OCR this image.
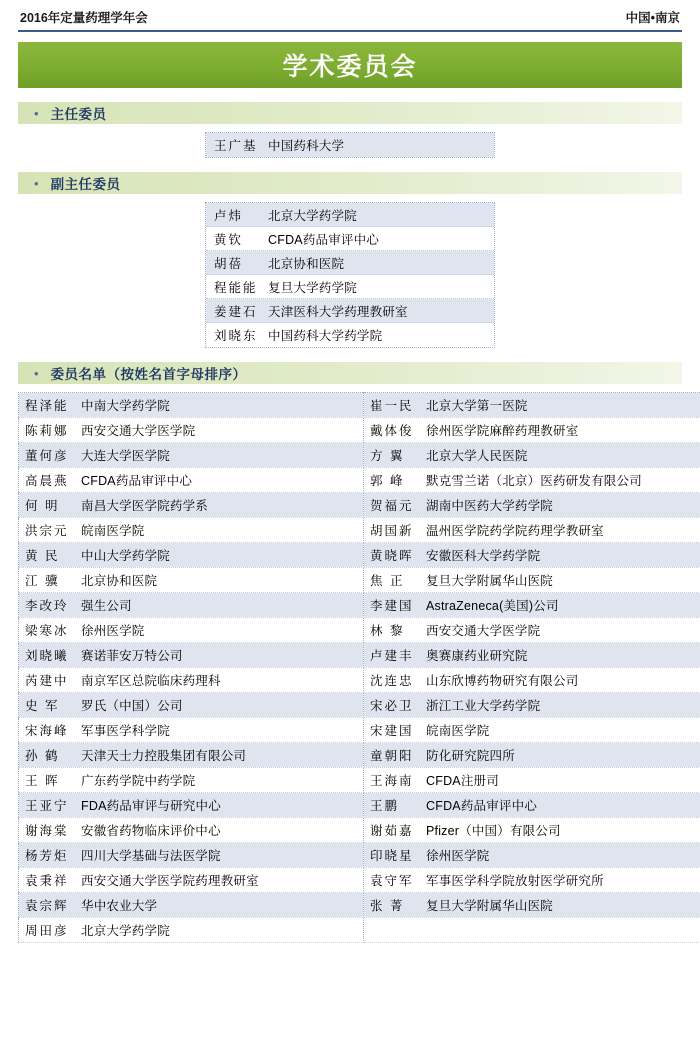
2016年定量药理学年会	中国•南京
学术委员会
• 主任委员
王广基 中国药科大学
• 副主任委员
卢炜	北京大学药学院
黄钦	CFDA药品审评中心
胡蓓	北京协和医院
程能能 复旦大学药学院
姜建石 天津医科大学药理教研室
刘晓东 中国药科大学药学院
• 委员名单（按姓名首字母排序）
程泽能 中南大学药学院	崔一民 北京大学第一医院
陈莉娜 西安交通大学医学院	戴体俊 徐州医学院麻醉药理教研室
董何彦 大连大学医学院	方 翼 北京大学人民医院
高晨燕 CFDA药品审评中心	郭 峰 默克雪兰诺（北京）医药研发有限公司
何 明 南昌大学医学院药学系	贺福元 湖南中医药大学药学院
洪宗元 皖南医学院	胡国新 温州医学院药学院药理学教研室
黄 民 中山大学药学院	黄晓晖 安徽医科大学药学院
江 骥 北京协和医院	焦 正 复旦大学附属华山医院
李改玲 强生公司	李建国 AstraZeneca(美国)公司
梁寒冰 徐州医学院	林 黎 西安交通大学医学院
刘晓曦 赛诺菲安万特公司	卢建丰 奥赛康药业研究院
芮建中 南京军区总院临床药理科	沈连忠 山东欣博药物研究有限公司
史 军 罗氏（中国）公司	宋必卫 浙江工业大学药学院
宋海峰 军事医学科学院	宋建国 皖南医学院
孙 鹤 天津天士力控股集团有限公司	童朝阳 防化研究院四所
王 晖 广东药学院中药学院	王海南 CFDA注册司
王亚宁 FDA药品审评与研究中心	王鹏 CFDA药品审评中心
谢海棠 安徽省药物临床评价中心	谢茹嘉 Pfizer（中国）有限公司
杨芳炬 四川大学基础与法医学院	印晓星 徐州医学院
袁秉祥 西安交通大学医学院药理教研室	袁守军 军事医学科学院放射医学研究所
袁宗辉 华中农业大学	张 菁 复旦大学附属华山医院
周田彦 北京大学药学院	
